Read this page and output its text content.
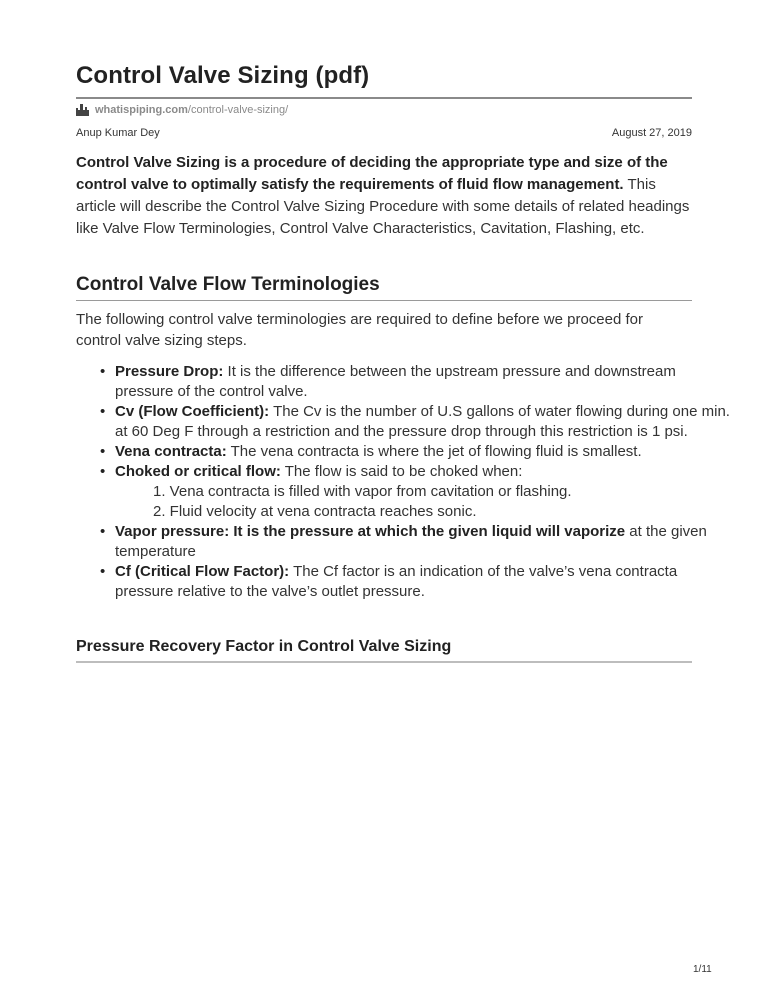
Control Valve Sizing (pdf)
whatispiping.com /control-valve-sizing/
Anup Kumar Dey	August 27, 2019

Control Valve Sizing is a procedure of deciding the appropriate type and size of the control valve to optimally satisfy the requirements of fluid flow management. This article will describe the Control Valve Sizing Procedure with some details of related headings like Valve Flow Terminologies, Control Valve Characteristics, Cavitation, Flashing, etc.

Control Valve Flow Terminologies

The following control valve terminologies are required to define before we proceed for control valve sizing steps.

• Pressure Drop: It is the difference between the upstream pressure and downstream pressure of the control valve.
• Cv (Flow Coefficient): The Cv is the number of U.S gallons of water flowing during one min. at 60 Deg F through a restriction and the pressure drop through this restriction is 1 psi.
• Vena contracta: The vena contracta is where the jet of flowing fluid is smallest.
• Choked or critical flow: The flow is said to be choked when:
1. Vena contracta is filled with vapor from cavitation or flashing.
2. Fluid velocity at vena contracta reaches sonic.
• Vapor pressure: It is the pressure at which the given liquid will vaporize at the given temperature
• Cf (Critical Flow Factor): The Cf factor is an indication of the valve’s vena contracta pressure relative to the valve’s outlet pressure.
Pressure Recovery Factor in Control Valve Sizing
1/11
